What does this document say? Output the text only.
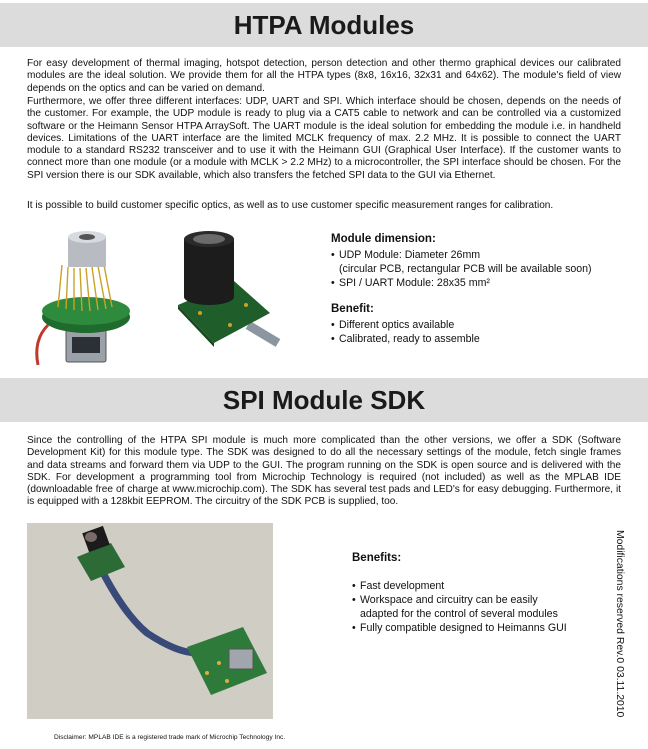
HTPA Modules

For easy development of thermal imaging, hotspot detection, person detection and other thermo graphical devices our calibrated modules are the ideal solution. We provide them for all the HTPA types (8x8, 16x16, 32x31 and 64x62). The module's field of view depends on the optics and can be varied on demand.

Furthermore, we offer three different interfaces: UDP, UART and SPI. Which interface should be chosen, depends on the needs of the customer. For example, the UDP module is ready to plug via a CAT5 cable to network and can be controlled via a customized software or the Heimann Sensor HTPA ArraySoft. The UART module is the ideal solution for embedding the module i.e. in handheld devices. Limitations of the UART interface are the limited MCLK frequency of max. 2.2 MHz. It is possible to connect the UART module to a standard RS232 transceiver and to use it with the Heimann GUI (Graphical User Interface). If the customer wants to connect more than one module (or a module with MCLK > 2.2 MHz) to a microcontroller, the SPI interface should be chosen. For the SPI version there is our SDK available, which also transfers the fetched SPI data to the GUI via Ethernet.

It is possible to build customer specific optics, as well as to use customer specific measurement ranges for calibration.

Module dimension:
• UDP Module: Diameter 26mm
(circular PCB, rectangular PCB will be available soon)
• SPI / UART Module: 28x35 mm²
Benefit:
• Different optics available
• Calibrated, ready to assemble
SPI Module SDK

Since the controlling of the HTPA SPI module is much more complicated than the other versions, we offer a SDK (Software Development Kit) for this module type. The SDK was designed to do all the necessary settings of the module, fetch single frames and data streams and forward them via UDP to the GUI. The program running on the SDK is open source and is delivered with the SDK. For development a programming tool from Microchip Technology is required (not included) as well as the MPLAB IDE (downloadable free of charge at www.microchip.com). The SDK has several test pads and LED's for easy debugging. Furthermore, it is equipped with a 128kbit EEPROM. The circuitry of the SDK PCB is supplied, too.

Benefits:
• Fast development
• Workspace and circuitry can be easily
adapted for the control of several modules
• Fully compatible designed to Heimanns GUI	Modifications reserved Rev.0 03.11.2010
Disclaimer: MPLAB IDE is a registered trade mark of Microchip Technology Inc.
